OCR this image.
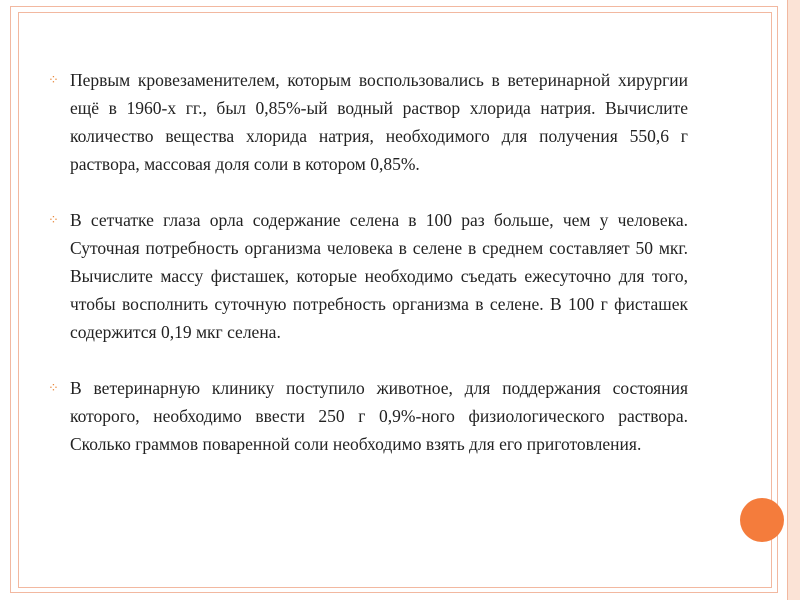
⁘ Первым кровезаменителем, которым воспользовались в ветеринарной хирургии ещё в 1960-х гг., был 0,85%-ый водный раствор хлорида натрия. Вычислите количество вещества хлорида натрия, необходимого для получения 550,6 г раствора, массовая доля соли в котором 0,85%.
⁘ В сетчатке глаза орла содержание селена в 100 раз больше, чем у человека. Суточная потребность организма человека в селене в среднем составляет 50 мкг. Вычислите массу фисташек, которые необходимо съедать ежесуточно для того, чтобы восполнить суточную потребность организма в селене. В 100 г фисташек содержится 0,19 мкг селена.
⁘ В ветеринарную клинику поступило животное, для поддержания состояния которого, необходимо ввести 250 г 0,9%-ного физиологического раствора. Сколько граммов поваренной соли необходимо взять для его приготовления.
